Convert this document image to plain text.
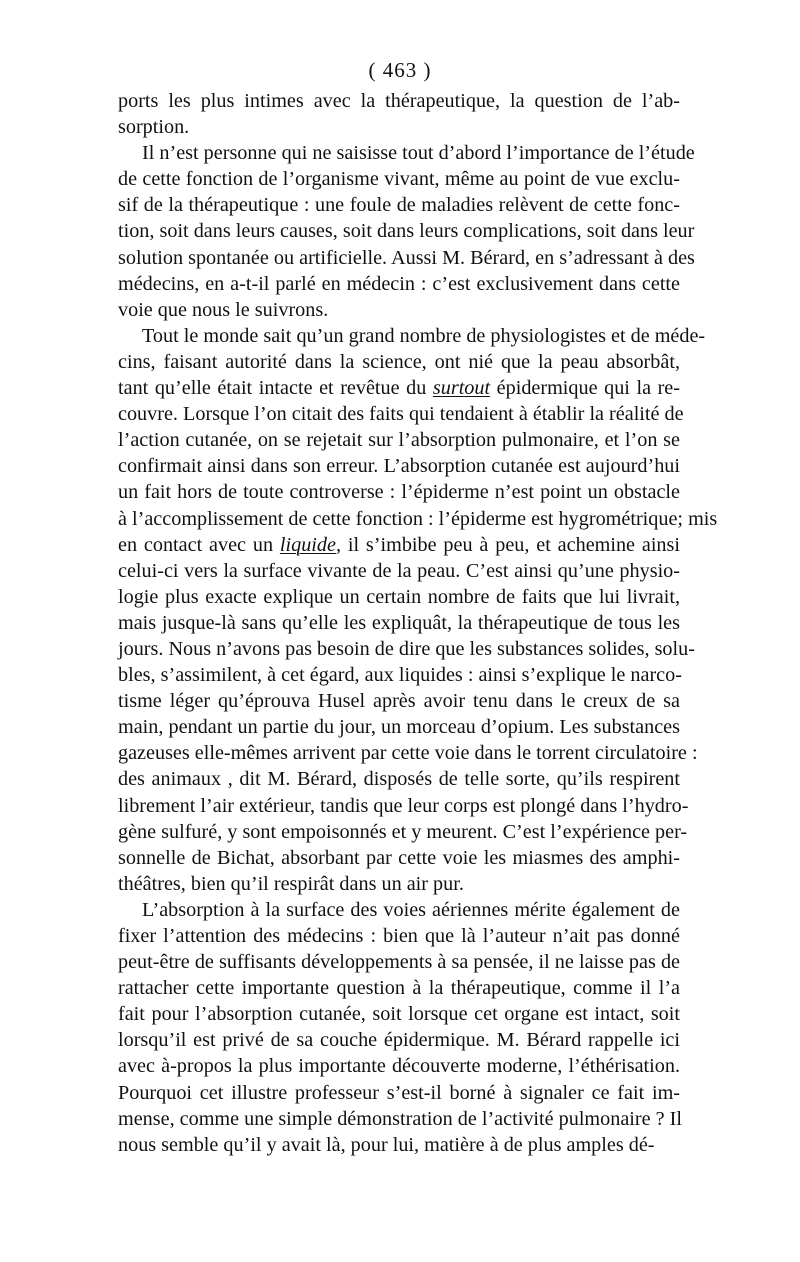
( 463 )
ports les plus intimes avec la thérapeutique, la question de l’ab-
sorption.
Il n’est personne qui ne saisisse tout d’abord l’importance de l’étude
de cette fonction de l’organisme vivant, même au point de vue exclu-
sif de la thérapeutique : une foule de maladies relèvent de cette fonc-
tion, soit dans leurs causes, soit dans leurs complications, soit dans leur
solution spontanée ou artificielle. Aussi M. Bérard, en s’adressant à des
médecins, en a-t-il parlé en médecin : c’est exclusivement dans cette
voie que nous le suivrons.
Tout le monde sait qu’un grand nombre de physiologistes et de méde-
cins, faisant autorité dans la science, ont nié que la peau absorbât,
tant qu’elle était intacte et revêtue du surtout épidermique qui la re-
couvre. Lorsque l’on citait des faits qui tendaient à établir la réalité de
l’action cutanée, on se rejetait sur l’absorption pulmonaire, et l’on se
confirmait ainsi dans son erreur. L’absorption cutanée est aujourd’hui
un fait hors de toute controverse : l’épiderme n’est point un obstacle
à l’accomplissement de cette fonction : l’épiderme est hygrométrique; mis
en contact avec un liquide, il s’imbibe peu à peu, et achemine ainsi
celui-ci vers la surface vivante de la peau. C’est ainsi qu’une physio-
logie plus exacte explique un certain nombre de faits que lui livrait,
mais jusque-là sans qu’elle les expliquât, la thérapeutique de tous les
jours. Nous n’avons pas besoin de dire que les substances solides, solu-
bles, s’assimilent, à cet égard, aux liquides : ainsi s’explique le narco-
tisme léger qu’éprouva Husel après avoir tenu dans le creux de sa
main, pendant un partie du jour, un morceau d’opium. Les substances
gazeuses elle-mêmes arrivent par cette voie dans le torrent circulatoire :
des animaux , dit M. Bérard, disposés de telle sorte, qu’ils respirent
librement l’air extérieur, tandis que leur corps est plongé dans l’hydro-
gène sulfuré, y sont empoisonnés et y meurent. C’est l’expérience per-
sonnelle de Bichat, absorbant par cette voie les miasmes des amphi-
théâtres, bien qu’il respirât dans un air pur.
L’absorption à la surface des voies aériennes mérite également de
fixer l’attention des médecins : bien que là l’auteur n’ait pas donné
peut-être de suffisants développements à sa pensée, il ne laisse pas de
rattacher cette importante question à la thérapeutique, comme il l’a
fait pour l’absorption cutanée, soit lorsque cet organe est intact, soit
lorsqu’il est privé de sa couche épidermique. M. Bérard rappelle ici
avec à-propos la plus importante découverte moderne, l’éthérisation.
Pourquoi cet illustre professeur s’est-il borné à signaler ce fait im-
mense, comme une simple démonstration de l’activité pulmonaire ? Il
nous semble qu’il y avait là, pour lui, matière à de plus amples dé-
